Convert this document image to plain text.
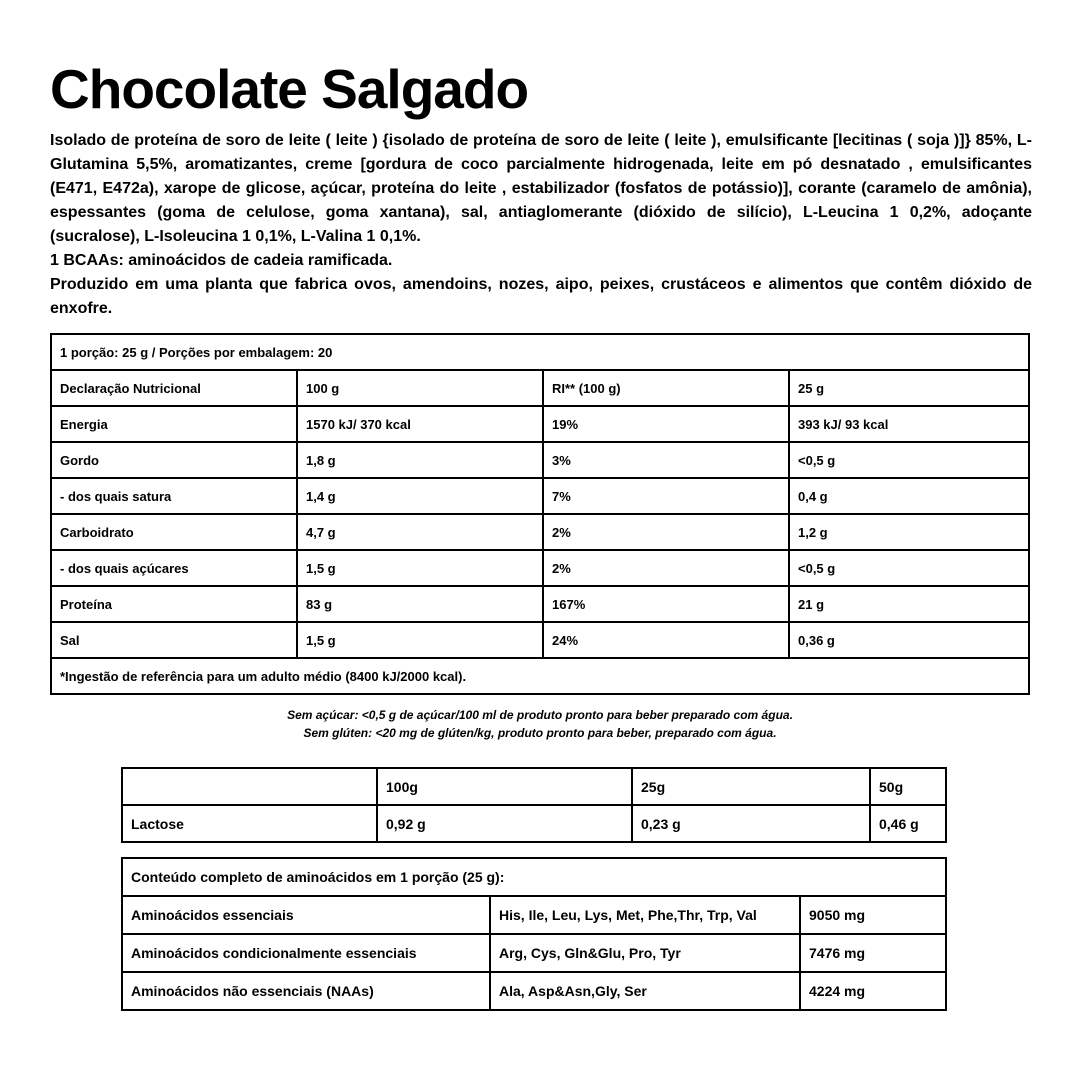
Chocolate Salgado

Isolado de proteína de soro de leite ( leite ) {isolado de proteína de soro de leite ( leite ), emulsificante [lecitinas ( soja )]} 85%, L-Glutamina 5,5%, aromatizantes, creme [gordura de coco parcialmente hidrogenada, leite em pó desnatado , emulsificantes (E471, E472a), xarope de glicose, açúcar, proteína do leite , estabilizador (fosfatos de potássio)], corante (caramelo de amônia), espessantes (goma de celulose, goma xantana), sal, antiaglomerante (dióxido de silício), L-Leucina 1 0,2%, adoçante (sucralose), L-Isoleucina 1 0,1%, L-Valina 1 0,1%.

1 BCAAs: aminoácidos de cadeia ramificada.

Produzido em uma planta que fabrica ovos, amendoins, nozes, aipo, peixes, crustáceos e alimentos que contêm dióxido de enxofre.

1 porção: 25 g / Porções por embalagem: 20			
Declaração Nutricional	100 g	RI** (100 g)	25 g
Energia	1570 kJ/ 370 kcal	19%	393 kJ/ 93 kcal
Gordo	1,8 g	3%	<0,5 g
- dos quais satura	1,4 g	7%	0,4 g
Carboidrato	4,7 g	2%	1,2 g
- dos quais açúcares	1,5 g	2%	<0,5 g
Proteína	83 g	167%	21 g
Sal	1,5 g	24%	0,36 g
*Ingestão de referência para um adulto médio (8400 kJ/2000 kcal).			
Sem açúcar: <0,5 g de açúcar/100 ml de produto pronto para beber preparado com água.
Sem glúten: <20 mg de glúten/kg, produto pronto para beber, preparado com água.
	100g	25g	50g
Lactose	0,92 g	0,23 g	0,46 g
Conteúdo completo de aminoácidos em 1 porção (25 g):		
Aminoácidos essenciais	His, Ile, Leu, Lys, Met, Phe,Thr, Trp, Val	9050 mg
Aminoácidos condicionalmente essenciais	Arg, Cys, Gln&Glu, Pro, Tyr	7476 mg
Aminoácidos não essenciais (NAAs)	Ala, Asp&Asn,Gly, Ser	4224 mg
